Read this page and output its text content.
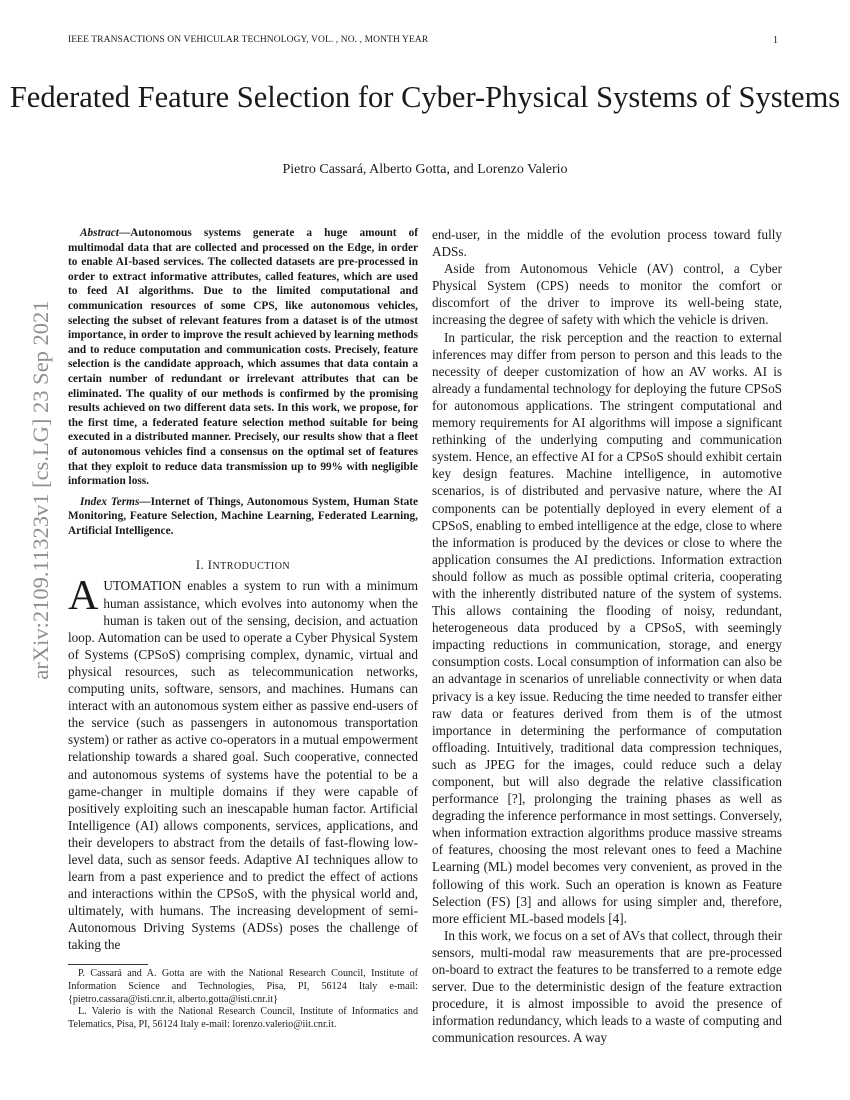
IEEE TRANSACTIONS ON VEHICULAR TECHNOLOGY, VOL. , NO. , MONTH YEAR	1
Federated Feature Selection for Cyber-Physical Systems of Systems
Pietro Cassará, Alberto Gotta, and Lorenzo Valerio
arXiv:2109.11323v1 [cs.LG] 23 Sep 2021

Abstract—Autonomous systems generate a huge amount of multimodal data that are collected and processed on the Edge, in order to enable AI-based services. The collected datasets are pre-processed in order to extract informative attributes, called features, which are used to feed AI algorithms. Due to the limited computational and communication resources of some CPS, like autonomous vehicles, selecting the subset of relevant features from a dataset is of the utmost importance, in order to improve the result achieved by learning methods and to reduce computation and communication costs. Precisely, feature selection is the candidate approach, which assumes that data contain a certain number of redundant or irrelevant attributes that can be eliminated. The quality of our methods is confirmed by the promising results achieved on two different data sets. In this work, we propose, for the first time, a federated feature selection method suitable for being executed in a distributed manner. Precisely, our results show that a fleet of autonomous vehicles find a consensus on the optimal set of features that they exploit to reduce data transmission up to 99% with negligible information loss.

Index Terms—Internet of Things, Autonomous System, Human State Monitoring, Feature Selection, Machine Learning, Federated Learning, Artificial Intelligence.

I. INTRODUCTION

AUTOMATION enables a system to run with a minimum human assistance, which evolves into autonomy when the human is taken out of the sensing, decision, and actuation loop. Automation can be used to operate a Cyber Physical System of Systems (CPSoS) comprising complex, dynamic, virtual and physical resources, such as telecommunication networks, computing units, software, sensors, and machines. Humans can interact with an autonomous system either as passive end-users of the service (such as passengers in autonomous transportation system) or rather as active co-operators in a mutual empowerment relationship towards a shared goal. Such cooperative, connected and autonomous systems of systems have the potential to be a game-changer in multiple domains if they were capable of positively exploiting such an inescapable human factor. Artificial Intelligence (AI) allows components, services, applications, and their developers to abstract from the details of fast-flowing low-level data, such as sensor feeds. Adaptive AI techniques allow to learn from a past experience and to predict the effect of actions and interactions within the CPSoS, with the physical world and, ultimately, with humans. The increasing development of semi-Autonomous Driving Systems (ADSs) poses the challenge of taking the

P. Cassará and A. Gotta are with the National Research Council, Institute of Information Science and Technologies, Pisa, PI, 56124 Italy e-mail: {pietro.cassara@isti.cnr.it, alberto.gotta@isti.cnr.it}

L. Valerio is with the National Research Council, Institute of Informatics and Telematics, Pisa, PI, 56124 Italy e-mail: lorenzo.valerio@iit.cnr.it.

end-user, in the middle of the evolution process toward fully ADSs.

Aside from Autonomous Vehicle (AV) control, a Cyber Physical System (CPS) needs to monitor the comfort or discomfort of the driver to improve its well-being state, increasing the degree of safety with which the vehicle is driven.

In particular, the risk perception and the reaction to external inferences may differ from person to person and this leads to the necessity of deeper customization of how an AV works. AI is already a fundamental technology for deploying the future CPSoS for autonomous applications. The stringent computational and memory requirements for AI algorithms will impose a significant rethinking of the underlying computing and communication system. Hence, an effective AI for a CPSoS should exhibit certain key design features. Machine intelligence, in automotive scenarios, is of distributed and pervasive nature, where the AI components can be potentially deployed in every element of a CPSoS, enabling to embed intelligence at the edge, close to where the information is produced by the devices or close to where the application consumes the AI predictions. Information extraction should follow as much as possible optimal criteria, cooperating with the inherently distributed nature of the system of systems. This allows containing the flooding of noisy, redundant, heterogeneous data produced by a CPSoS, with seemingly impacting reductions in communication, storage, and energy consumption costs. Local consumption of information can also be an advantage in scenarios of unreliable connectivity or when data privacy is a key issue. Reducing the time needed to transfer either raw data or features derived from them is of the utmost importance in determining the performance of computation offloading. Intuitively, traditional data compression techniques, such as JPEG for the images, could reduce such a delay component, but will also degrade the relative classification performance [?], prolonging the training phases as well as degrading the inference performance in most settings. Conversely, when information extraction algorithms produce massive streams of features, choosing the most relevant ones to feed a Machine Learning (ML) model becomes very convenient, as proved in the following of this work. Such an operation is known as Feature Selection (FS) [3] and allows for using simpler and, therefore, more efficient ML-based models [4].

In this work, we focus on a set of AVs that collect, through their sensors, multi-modal raw measurements that are pre-processed on-board to extract the features to be transferred to a remote edge server. Due to the deterministic design of the feature extraction procedure, it is almost impossible to avoid the presence of information redundancy, which leads to a waste of computing and communication resources. A way
